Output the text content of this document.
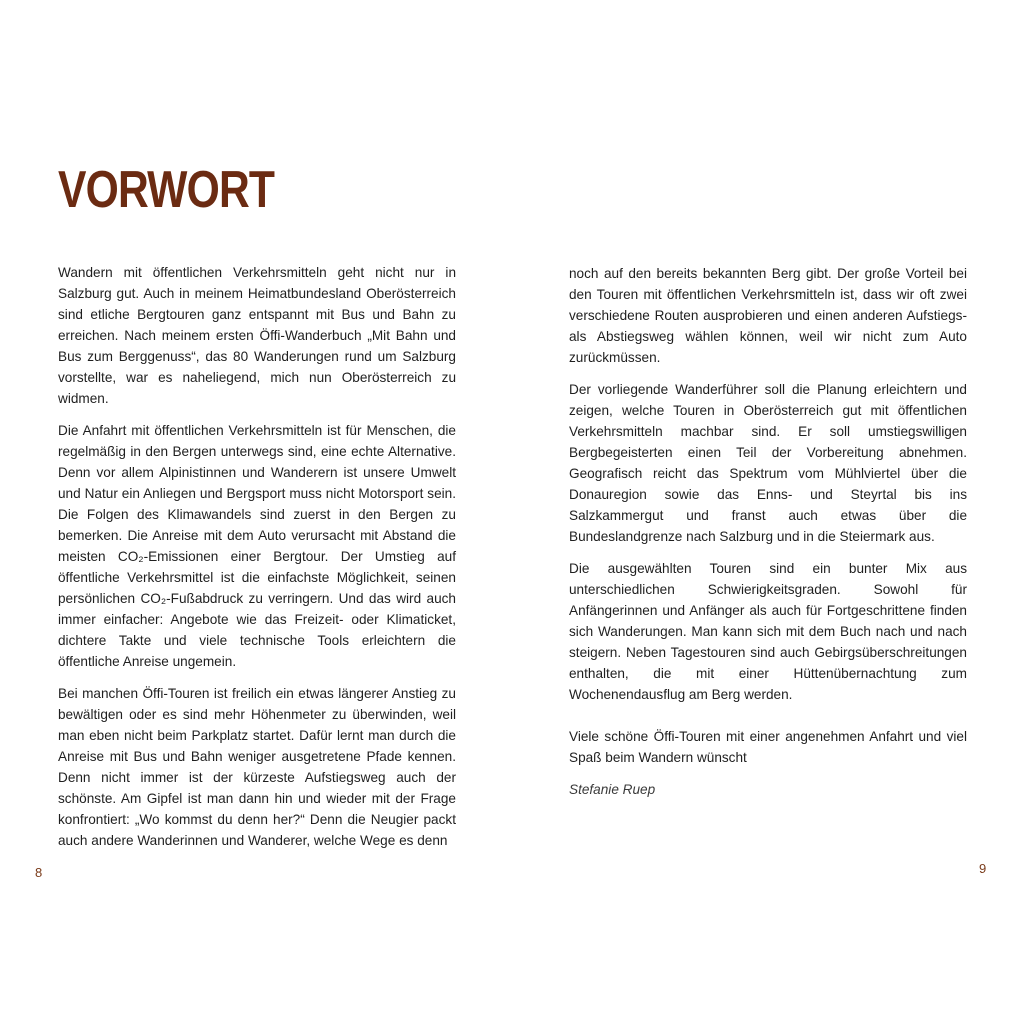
VORWORT

Wandern mit öffentlichen Verkehrsmitteln geht nicht nur in Salzburg gut. Auch in meinem Heimatbundesland Oberösterreich sind etliche Bergtouren ganz entspannt mit Bus und Bahn zu erreichen. Nach meinem ersten Öffi-Wanderbuch „Mit Bahn und Bus zum Berggenuss“, das 80 Wanderungen rund um Salzburg vorstellte, war es naheliegend, mich nun Oberösterreich zu widmen.

Die Anfahrt mit öffentlichen Verkehrsmitteln ist für Menschen, die regelmäßig in den Bergen unterwegs sind, eine echte Alternative. Denn vor allem Alpinistinnen und Wanderern ist unsere Umwelt und Natur ein Anliegen und Bergsport muss nicht Motorsport sein. Die Folgen des Klimawandels sind zuerst in den Bergen zu bemerken. Die Anreise mit dem Auto verursacht mit Abstand die meisten CO₂-Emissionen einer Bergtour. Der Umstieg auf öffentliche Verkehrsmittel ist die einfachste Möglichkeit, seinen persönlichen CO₂-Fußabdruck zu verringern. Und das wird auch immer einfacher: Angebote wie das Freizeit- oder Klimaticket, dichtere Takte und viele technische Tools erleichtern die öffentliche Anreise ungemein.

Bei manchen Öffi-Touren ist freilich ein etwas längerer Anstieg zu bewältigen oder es sind mehr Höhenmeter zu überwinden, weil man eben nicht beim Parkplatz startet. Dafür lernt man durch die Anreise mit Bus und Bahn weniger ausgetretene Pfade kennen. Denn nicht immer ist der kürzeste Aufstiegsweg auch der schönste. Am Gipfel ist man dann hin und wieder mit der Frage konfrontiert: „Wo kommst du denn her?“ Denn die Neugier packt auch andere Wanderinnen und Wanderer, welche Wege es denn

noch auf den bereits bekannten Berg gibt. Der große Vorteil bei den Touren mit öffentlichen Verkehrsmitteln ist, dass wir oft zwei verschiedene Routen ausprobieren und einen anderen Aufstiegs- als Abstiegsweg wählen können, weil wir nicht zum Auto zurückmüssen.

Der vorliegende Wanderführer soll die Planung erleichtern und zeigen, welche Touren in Oberösterreich gut mit öffentlichen Verkehrsmitteln machbar sind. Er soll umstiegswilligen Bergbegeisterten einen Teil der Vorbereitung abnehmen. Geografisch reicht das Spektrum vom Mühlviertel über die Donauregion sowie das Enns- und Steyrtal bis ins Salzkammergut und franst auch etwas über die Bundeslandgrenze nach Salzburg und in die Steiermark aus.

Die ausgewählten Touren sind ein bunter Mix aus unterschiedlichen Schwierigkeitsgraden. Sowohl für Anfängerinnen und Anfänger als auch für Fortgeschrittene finden sich Wanderungen. Man kann sich mit dem Buch nach und nach steigern. Neben Tagestouren sind auch Gebirgsüberschreitungen enthalten, die mit einer Hüttenübernachtung zum Wochenendausflug am Berg werden.

Viele schöne Öffi-Touren mit einer angenehmen Anfahrt und viel Spaß beim Wandern wünscht

Stefanie Ruep

8	9
